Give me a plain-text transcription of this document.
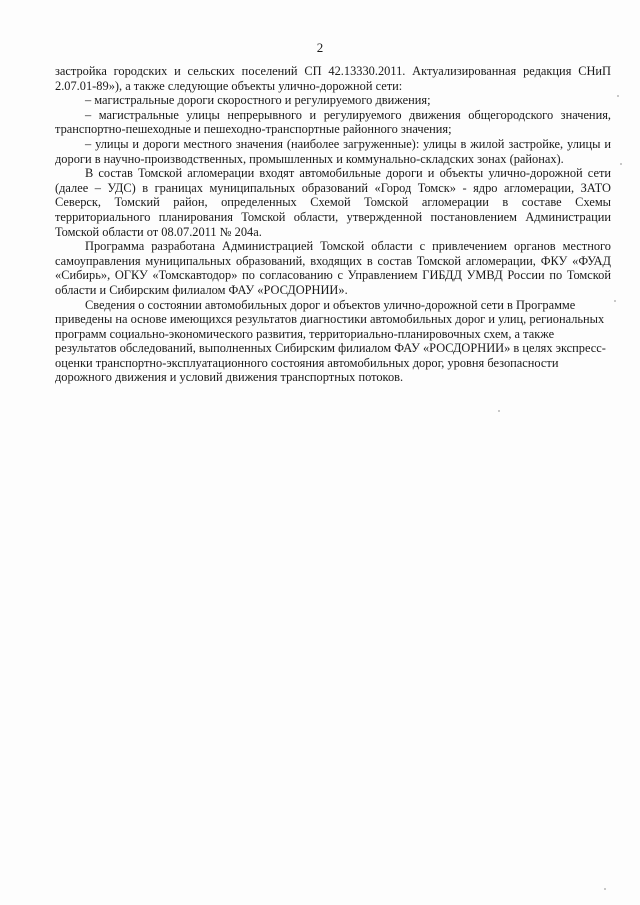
2

застройка городских и сельских поселений СП 42.13330.2011. Актуализированная редакция СНиП 2.07.01-89»), а также следующие объекты улично-дорожной сети:

– магистральные дороги скоростного и регулируемого движения;

– магистральные улицы непрерывного и регулируемого движения общегородского значения, транспортно-пешеходные и пешеходно-транспортные районного значения;

– улицы и дороги местного значения (наиболее загруженные): улицы в жилой застройке, улицы и дороги в научно-производственных, промышленных и коммунально-складских зонах (районах).

В состав Томской агломерации входят автомобильные дороги и объекты улично-дорожной сети (далее – УДС) в границах муниципальных образований «Город Томск» - ядро агломерации, ЗАТО Северск, Томский район, определенных Схемой Томской агломерации в составе Схемы территориального планирования Томской области, утвержденной постановлением Администрации Томской области от 08.07.2011 № 204а.

Программа разработана Администрацией Томской области с привлечением органов местного самоуправления муниципальных образований, входящих в состав Томской агломерации, ФКУ «ФУАД «Сибирь», ОГКУ «Томскавтодор» по согласованию с Управлением ГИБДД УМВД России по Томской области и Сибирским филиалом ФАУ «РОСДОРНИИ».

Сведения о состоянии автомобильных дорог и объектов улично-дорожной сети в Программе приведены на основе имеющихся результатов диагностики автомобильных дорог и улиц, региональных программ социально-экономического развития, территориально-планировочных схем, а также результатов обследований, выполненных Сибирским филиалом ФАУ «РОСДОРНИИ» в целях экспресс-оценки транспортно-эксплуатационного состояния автомобильных дорог, уровня безопасности дорожного движения и условий движения транспортных потоков.
